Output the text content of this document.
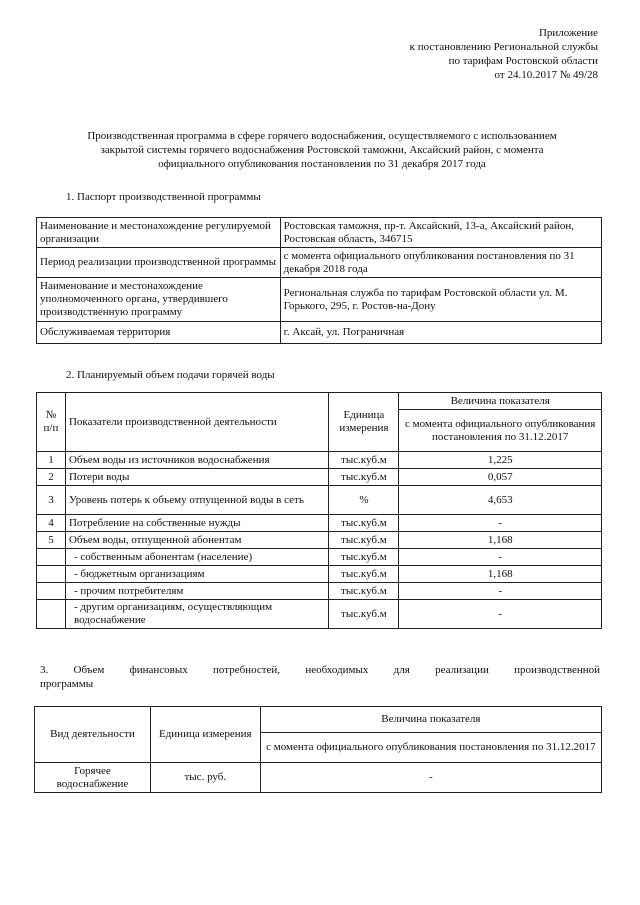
Приложение
к постановлению Региональной службы
по тарифам Ростовской области
от 24.10.2017 № 49/28
Производственная программа в сфере горячего водоснабжения, осуществляемого с использованием
закрытой системы горячего водоснабжения Ростовской таможни, Аксайский район, с момента
официального опубликования постановления по 31 декабря 2017 года
1. Паспорт производственной программы
Наименование и местонахождение регулируемой организации	Ростовская таможня, пр-т. Аксайский, 13-а, Аксайский район, Ростовская область, 346715
Период реализации производственной программы	с момента официального опубликования постановления по 31 декабря 2018 года
Наименование и местонахождение уполномоченного органа, утвердившего производственную программу	Региональная служба по тарифам Ростовской области ул. М. Горького, 295, г. Ростов-на-Дону
Обслуживаемая территория	г. Аксай, ул. Пограничная
2. Планируемый объем подачи горячей воды
№ п/п	Показатели производственной деятельности	Единица измерения	Величина показателя
			с момента официального опубликования постановления по 31.12.2017
1	Объем воды из источников водоснабжения	тыс.куб.м	1,225
2	Потери воды	тыс.куб.м	0,057
3	Уровень потерь к объему отпущенной воды в сеть	%	4,653
4	Потребление на собственные нужды	тыс.куб.м	-
5	Объем воды, отпущенной абонентам	тыс.куб.м	1,168
	- собственным абонентам (население)	тыс.куб.м	-
	- бюджетным организациям	тыс.куб.м	1,168
	- прочим потребителям	тыс.куб.м	-
	- другим организациям, осуществляющим водоснабжение	тыс.куб.м	-
3. Объем финансовых потребностей, необходимых для реализации производственной
программы
Вид деятельности	Единица измерения	Величина показателя
		с момента официального опубликования постановления по 31.12.2017
Горячее водоснабжение	тыс. руб.	-
